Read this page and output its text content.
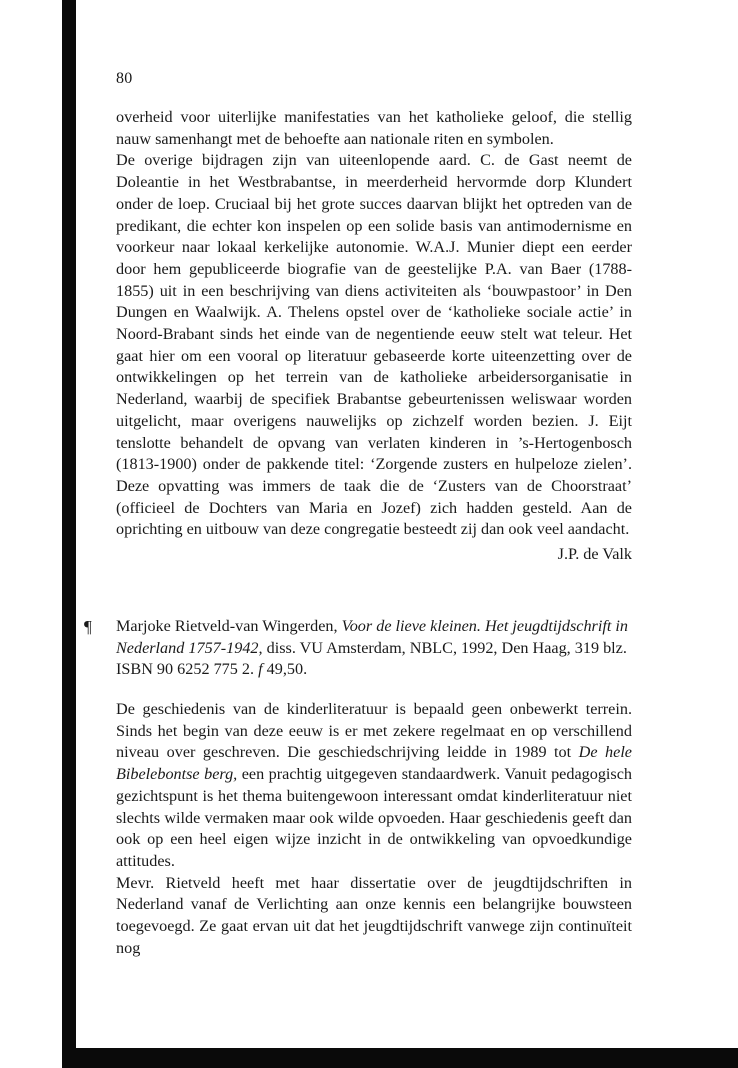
80

overheid voor uiterlijke manifestaties van het katholieke geloof, die stellig nauw samenhangt met de behoefte aan nationale riten en symbolen.

De overige bijdragen zijn van uiteenlopende aard. C. de Gast neemt de Doleantie in het Westbrabantse, in meerderheid hervormde dorp Klundert onder de loep. Cruciaal bij het grote succes daarvan blijkt het optreden van de predikant, die echter kon inspelen op een solide basis van antimodernisme en voorkeur naar lokaal kerkelijke autonomie. W.A.J. Munier diept een eerder door hem gepubliceerde biografie van de geestelijke P.A. van Baer (1788-1855) uit in een beschrijving van diens activiteiten als ‘bouwpastoor’ in Den Dungen en Waalwijk. A. Thelens opstel over de ‘katholieke sociale actie’ in Noord-Brabant sinds het einde van de negentiende eeuw stelt wat teleur. Het gaat hier om een vooral op literatuur gebaseerde korte uiteenzetting over de ontwikkelingen op het terrein van de katholieke arbeidersorganisatie in Nederland, waarbij de specifiek Brabantse gebeurtenissen weliswaar worden uitgelicht, maar overigens nauwelijks op zichzelf worden bezien. J. Eijt tenslotte behandelt de opvang van verlaten kinderen in ’s-Hertogenbosch (1813-1900) onder de pakkende titel: ‘Zorgende zusters en hulpeloze zielen’. Deze opvatting was immers de taak die de ‘Zusters van de Choorstraat’ (officieel de Dochters van Maria en Jozef) zich hadden gesteld. Aan de oprichting en uitbouw van deze congregatie besteedt zij dan ook veel aandacht.

J.P. de Valk
¶ Marjoke Rietveld-van Wingerden, Voor de lieve kleinen. Het jeugdtijdschrift in Nederland 1757-1942, diss. VU Amsterdam, NBLC, 1992, Den Haag, 319 blz. ISBN 90 6252 775 2. f 49,50.

De geschiedenis van de kinderliteratuur is bepaald geen onbewerkt terrein. Sinds het begin van deze eeuw is er met zekere regelmaat en op verschillend niveau over geschreven. Die geschiedschrijving leidde in 1989 tot De hele Bibelebontse berg, een prachtig uitgegeven standaardwerk. Vanuit pedagogisch gezichtspunt is het thema buitengewoon interessant omdat kinderliteratuur niet slechts wilde vermaken maar ook wilde opvoeden. Haar geschiedenis geeft dan ook op een heel eigen wijze inzicht in de ontwikkeling van opvoedkundige attitudes.

Mevr. Rietveld heeft met haar dissertatie over de jeugdtijdschriften in Nederland vanaf de Verlichting aan onze kennis een belangrijke bouwsteen toegevoegd. Ze gaat ervan uit dat het jeugdtijdschrift vanwege zijn continuïteit nog
